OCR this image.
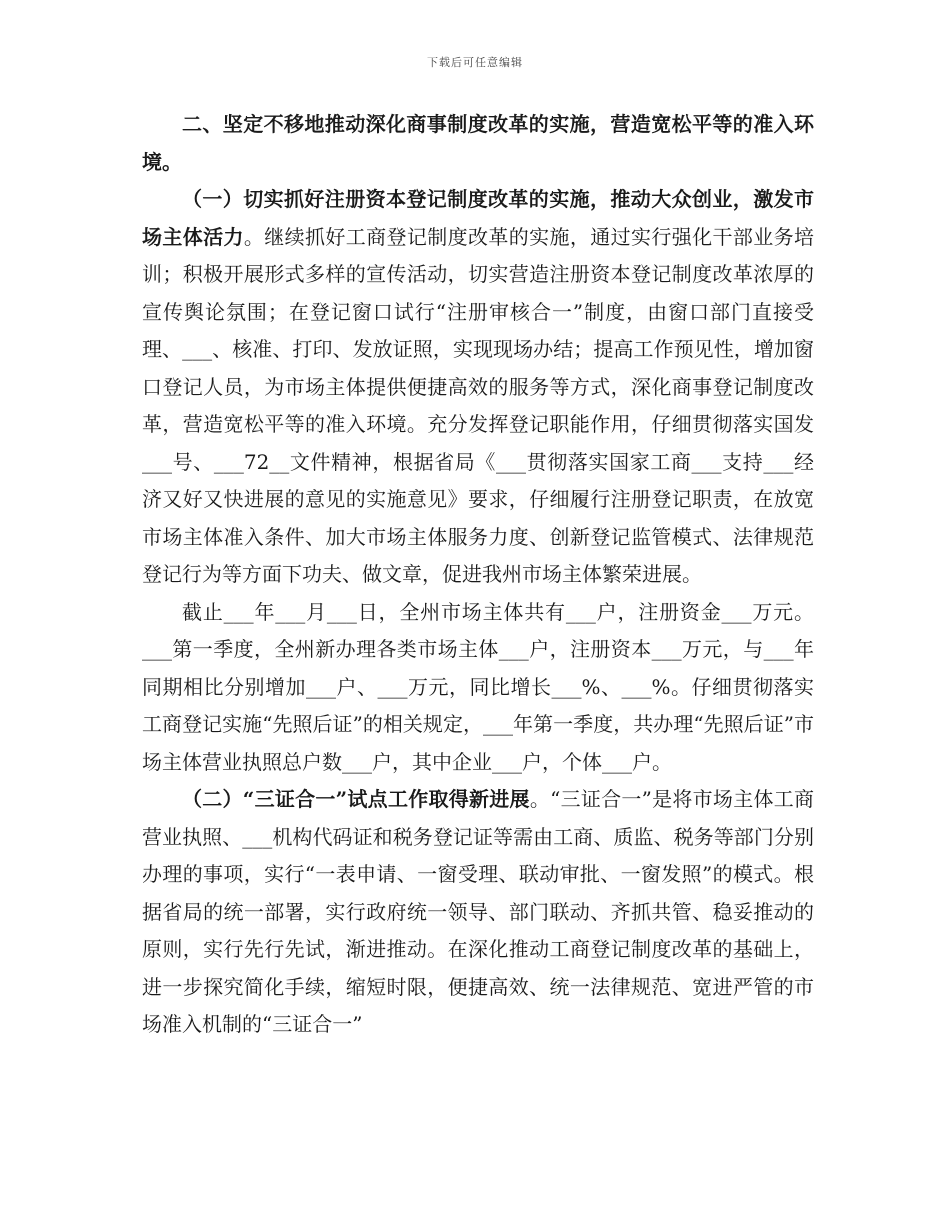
下载后可任意编辑

二、坚定不移地推动深化商事制度改革的实施，营造宽松平等的准入环境。

（一）切实抓好注册资本登记制度改革的实施，推动大众创业，激发市场主体活力。继续抓好工商登记制度改革的实施，通过实行强化干部业务培训；积极开展形式多样的宣传活动，切实营造注册资本登记制度改革浓厚的宣传舆论氛围；在登记窗口试行“注册审核合一”制度，由窗口部门直接受理、___、核准、打印、发放证照，实现现场办结；提高工作预见性，增加窗口登记人员，为市场主体提供便捷高效的服务等方式，深化商事登记制度改革，营造宽松平等的准入环境。充分发挥登记职能作用，仔细贯彻落实国发___号、___72__文件精神，根据省局《___贯彻落实国家工商___支持___经济又好又快进展的意见的实施意见》要求，仔细履行注册登记职责，在放宽市场主体准入条件、加大市场主体服务力度、创新登记监管模式、法律规范登记行为等方面下功夫、做文章，促进我州市场主体繁荣进展。

截止___年___月___日，全州市场主体共有___户，注册资金___万元。___第一季度，全州新办理各类市场主体___户，注册资本___万元，与___年同期相比分别增加___户、___万元，同比增长___%、___%。仔细贯彻落实工商登记实施“先照后证”的相关规定，___年第一季度，共办理“先照后证”市场主体营业执照总户数___户，其中企业___户，个体___户。

（二）“三证合一”试点工作取得新进展。“三证合一”是将市场主体工商营业执照、___机构代码证和税务登记证等需由工商、质监、税务等部门分别办理的事项，实行“一表申请、一窗受理、联动审批、一窗发照”的模式。根据省局的统一部署，实行政府统一领导、部门联动、齐抓共管、稳妥推动的原则，实行先行先试，渐进推动。在深化推动工商登记制度改革的基础上，进一步探究简化手续，缩短时限，便捷高效、统一法律规范、宽进严管的市场准入机制的“三证合一”
